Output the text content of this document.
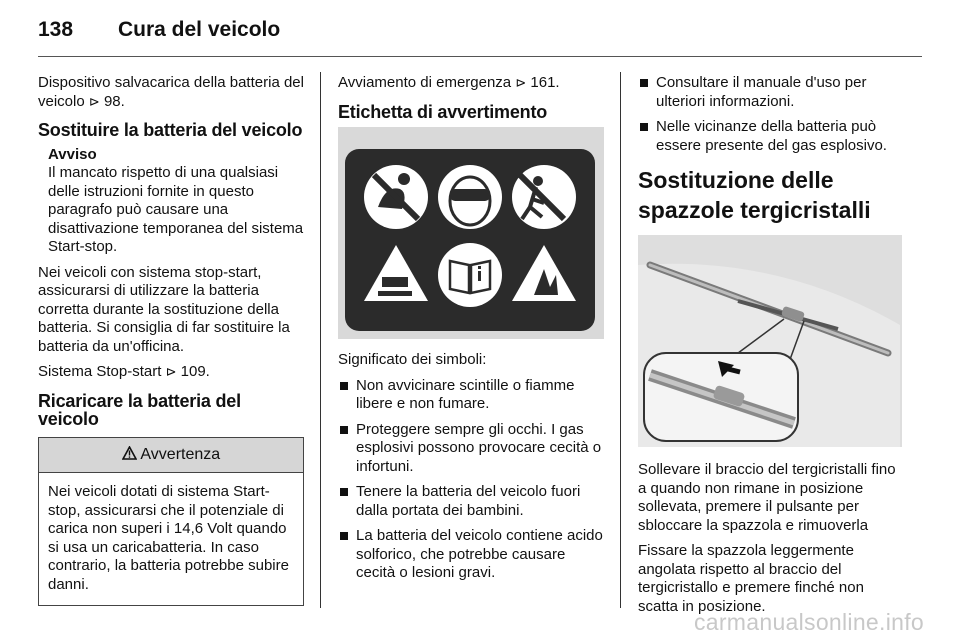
138 Cura del veicolo

Dispositivo salvacarica della batteria del veicolo ⊳ 98.

Sostituire la batteria del veicolo
Avviso

Il mancato rispetto di una qualsiasi delle istruzioni fornite in questo paragrafo può causare una disattivazione temporanea del sistema Start-stop.

Nei veicoli con sistema stop-start, assicurarsi di utilizzare la batteria corretta durante la sostituzione della batteria. Si consiglia di far sostituire la batteria da un'officina.

Sistema Stop-start ⊳ 109.

Ricaricare la batteria del veicolo
Avvertenza
Nei veicoli dotati di sistema Start-stop, assicurarsi che il potenziale di carica non superi i 14,6 Volt quando si usa un caricabatteria. In caso contrario, la batteria potrebbe subire danni.

Avviamento di emergenza ⊳ 161.

Etichetta di avvertimento

Significato dei simboli:

Non avvicinare scintille o fiamme libere e non fumare.
Proteggere sempre gli occhi. I gas esplosivi possono provocare cecità o infortuni.
Tenere la batteria del veicolo fuori dalla portata dei bambini.
La batteria del veicolo contiene acido solforico, che potrebbe causare cecità o lesioni gravi.
Consultare il manuale d'uso per ulteriori informazioni.
Nelle vicinanze della batteria può essere presente del gas esplosivo.
Sostituzione delle spazzole tergicristalli

Sollevare il braccio del tergicristalli fino a quando non rimane in posizione sollevata, premere il pulsante per sbloccare la spazzola e rimuoverla

Fissare la spazzola leggermente angolata rispetto al braccio del tergicristallo e premere finché non scatta in posizione.

carmanualsonline.info
